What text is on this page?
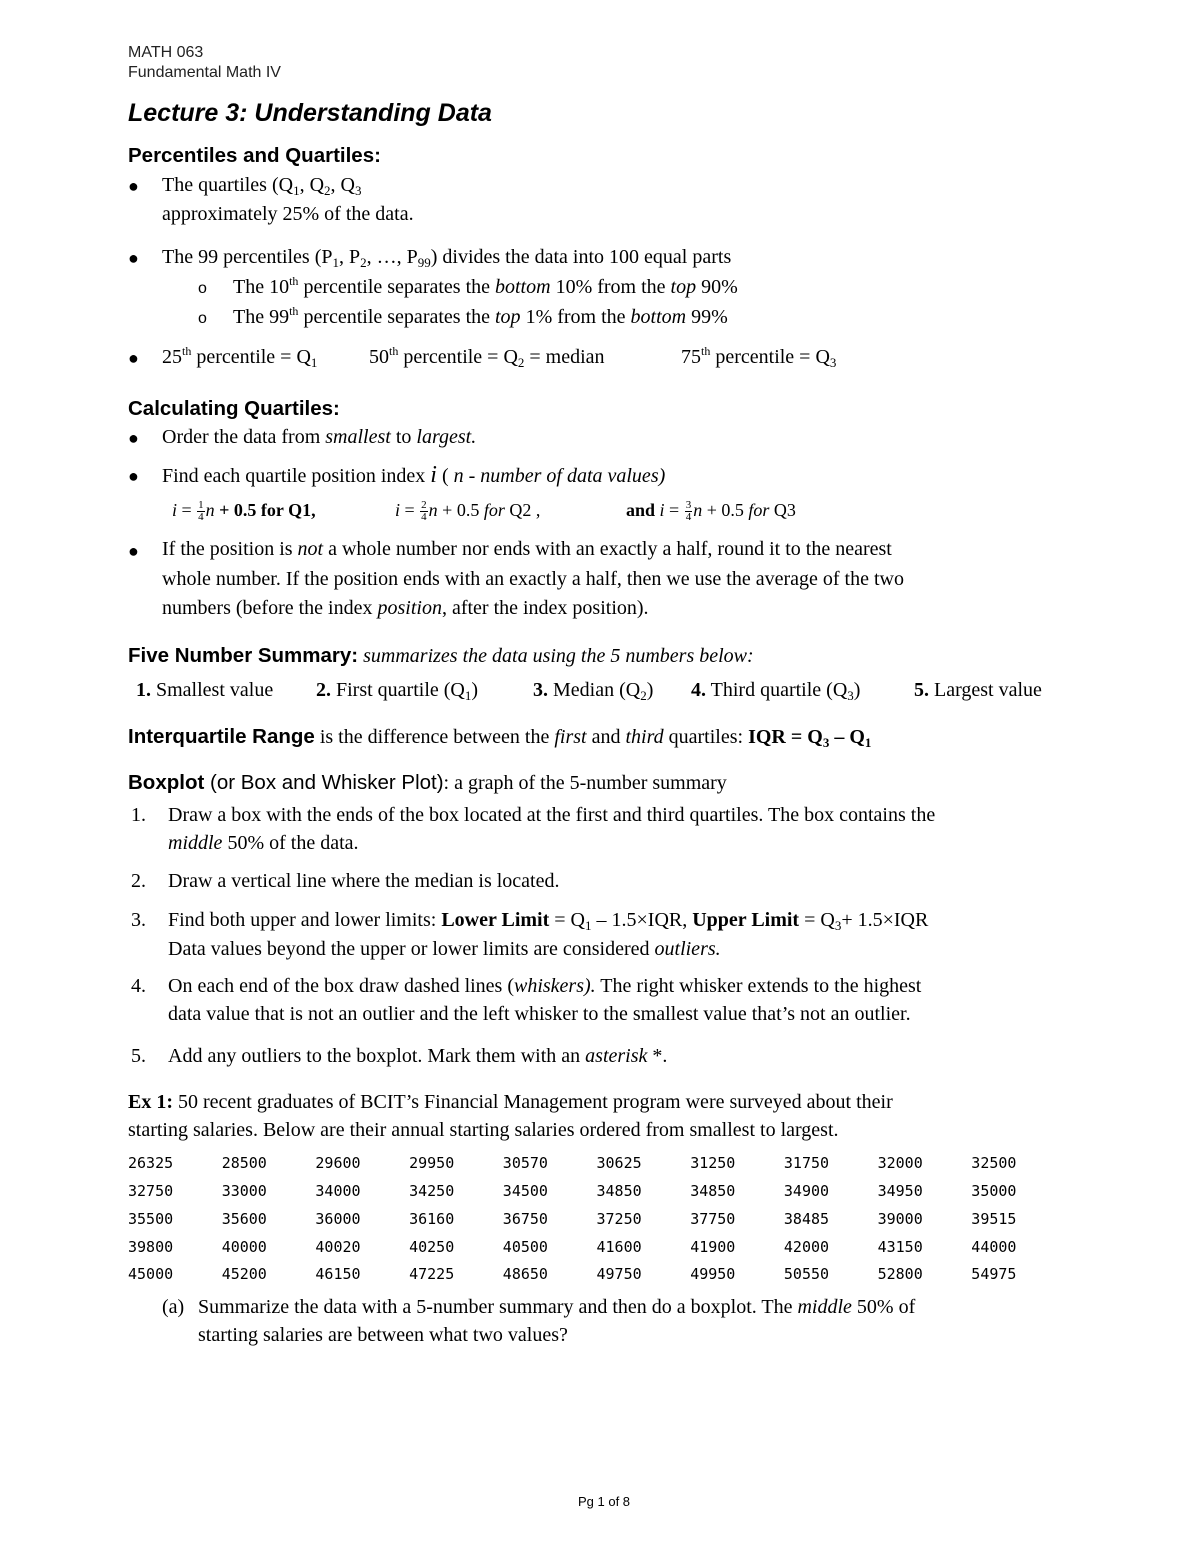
MATH 063
Fundamental Math IV
Lecture 3: Understanding Data
Percentiles and Quartiles:
● The quartiles ($Q_1$, $Q_2$, $Q_3$
approximately 25% of the data.
● The 99 percentiles ($P_1$, $P_2$, …, $P_{99}$) divides the data into 100 equal parts
o The 10th percentile separates the bottom 10% from the top 90%
o The 99th percentile separates the top 1% from the bottom 99%
● 25th percentile = $Q_1$	50th percentile = $Q_2$ = median	75th percentile = $Q_3$
Calculating Quartiles:
● Order the data from smallest to largest.
● Find each quartile position index i ( n - number of data values)
$i = \frac{1}{4}$ n + 0.5 for Q1,	$i = \frac{2}{4}$ n + 0.5 for Q2 ,	and $i = \frac{3}{4}$ n + 0.5 for Q3
● If the position is not a whole number nor ends with an exactly a half, round it to the nearest
whole number. If the position ends with an exactly a half, then we use the average of the two
numbers (before the index position, after the index position).
Five Number Summary: summarizes the data using the 5 numbers below:
1. Smallest value 2. First quartile $(Q_1)$	3. Median $(Q_2)$ 4. Third quartile $(Q_3)$	5. Largest value
Interquartile Range is the difference between the first and third quartiles: IQR = $Q_3 - Q_1$
Boxplot (or Box and Whisker Plot): a graph of the 5-number summary
1. Draw a box with the ends of the box located at the first and third quartiles. The box contains the
middle 50% of the data.
2. Draw a vertical line where the median is located.
3. Find both upper and lower limits: Lower Limit = $Q_1 - 1.5\times IQR$, Upper Limit = $Q_3+ 1.5\times IQR$
Data values beyond the upper or lower limits are considered outliers.
4. On each end of the box draw dashed lines (whiskers). The right whisker extends to the highest
data value that is not an outlier and the left whisker to the smallest value that’s not an outlier.
5. Add any outliers to the boxplot. Mark them with an asterisk *.
Ex 1: 50 recent graduates of BCIT’s Financial Management program were surveyed about their
starting salaries. Below are their annual starting salaries ordered from smallest to largest.
26325	28500	29600	29950	30570	30625	31250	31750	32000	32500
32750	33000	34000	34250	34500	34850	34850	34900	34950	35000
35500	35600	36000	36160	36750	37250	37750	38485	39000	39515
39800	40000	40020	40250	40500	41600	41900	42000	43150	44000
45000	45200	46150	47225	48650	49750	49950	50550	52800	54975
(a) Summarize the data with a 5-number summary and then do a boxplot. The middle 50% of
starting salaries are between what two values?
Pg 1 of 8
